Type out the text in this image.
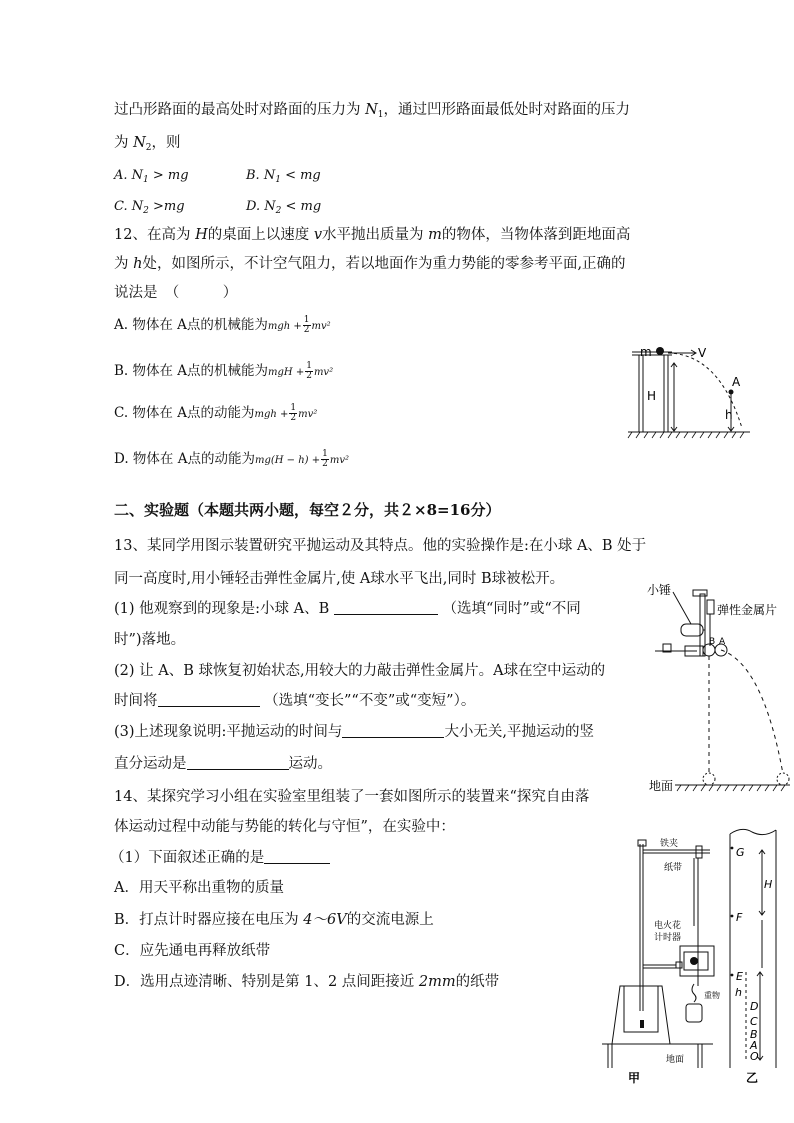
过凸形路面的最高处时对路面的压力为 $N_1$，通过凹形路面最低处时对路面的压力
为 $N_2$，则
A. $N_1$ > mg	B. $N_1$ < mg
C. $N_2 >mg$	D. $N_2$ < mg
12、在高为 H的桌面上以速度 v水平抛出质量为 m的物体，当物体落到距地面高
为 h处，如图所示，不计空气阻力，若以地面作为重力势能的零参考平面,正确的
说法是　（　　　）
A. 物体在 A点的机械能为mgh + $\frac{1}{2} mv^2$
B. 物体在 A点的机械能为mgH + $\frac{1}{2} mv^2$
C. 物体在 A点的动能为mgh + $\frac{1}{2} mv^2$
D. 物体在 A点的动能为$mg(H - h) + \frac{1}{2} mv^2$
m	V
H
A
h
二、实验题（本题共两小题，每空２分，共２×8=16分）
13、某同学用图示装置研究平抛运动及其特点。他的实验操作是:在小球 A、B 处于
同一高度时,用小锤轻击弹性金属片,使 A球水平飞出,同时 B球被松开。
(1) 他观察到的现象是:小球 A、B	（选填“同时”或“不同
时”)落地。
(2) 让 A、B 球恢复初始状态,用较大的力敲击弹性金属片。A球在空中运动的
时间将	（选填“变长”“不变”或“变短”）。
(3)上述现象说明:平抛运动的时间与	大小无关,平抛运动的竖
直分运动是	运动。
小锤
弹性金属片
B A
地面
14、某探究学习小组在实验室里组装了一套如图所示的装置来“探究自由落
体运动过程中动能与势能的转化与守恒”，在实验中：
（1）下面叙述正确的是
A．用天平称出重物的质量
B．打点计时器应接在电压为 4～6V的交流电源上
C．应先通电再释放纸带
D．选用点迹清晰、特别是第 1、2 点间距接近 2mm的纸带
铁夹
纸带
电火花
计时器
重物
地面
甲
G
H
F
E
h
D
C
B
A
O
乙
